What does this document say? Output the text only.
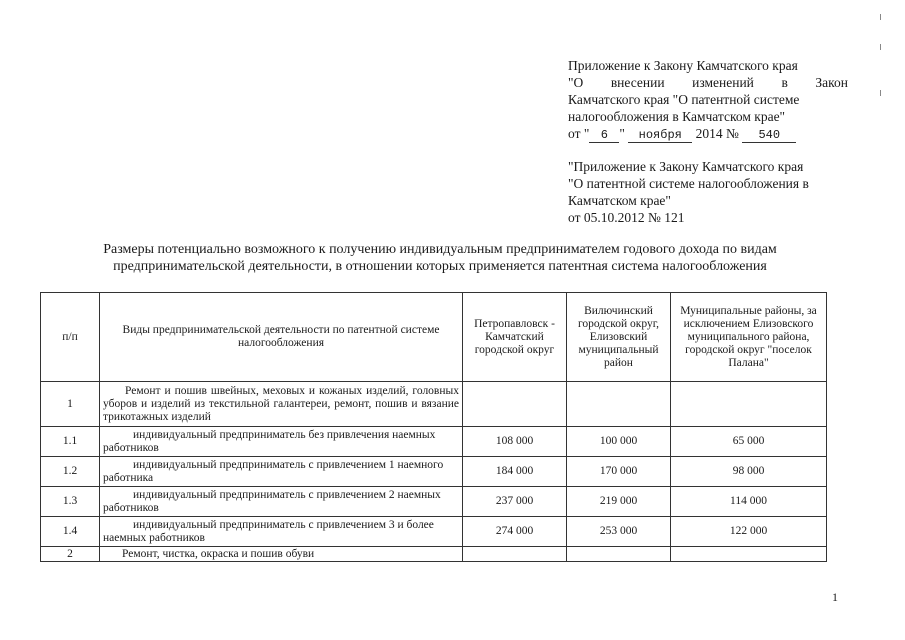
Приложение к Закону Камчатского края
"О внесении изменений в Закон
Камчатского края "О патентной системе
налогообложения в Камчатском крае"
от " 6 " ноября 2014 № 540
"Приложение к Закону Камчатского края
"О патентной системе налогообложения в
Камчатском крае"
от 05.10.2012 № 121
Размеры потенциально возможного к получению индивидуальным предпринимателем годового дохода по видам
предпринимательской деятельности, в отношении которых применяется патентная система налогообложения
п/п	Виды предпринимательской деятельности по патентной системе налогообложения	Петропавловск - Камчатский городской округ	Вилючинский городской округ, Елизовский муниципальный район	Муниципальные районы, за исключением Елизовского муниципального района, городской округ "поселок Палана"
1	Ремонт и пошив швейных, меховых и кожаных изделий, головных уборов и изделий из текстильной галантереи, ремонт, пошив и вязание трикотажных изделий			
1.1	индивидуальный предприниматель без привлечения наемных работников	108 000	100 000	65 000
1.2	индивидуальный предприниматель с привлечением 1 наемного работника	184 000	170 000	98 000
1.3	индивидуальный предприниматель с привлечением 2 наемных работников	237 000	219 000	114 000
1.4	индивидуальный предприниматель с привлечением 3 и более наемных работников	274 000	253 000	122 000
2	Ремонт, чистка, окраска и пошив обуви			
1
